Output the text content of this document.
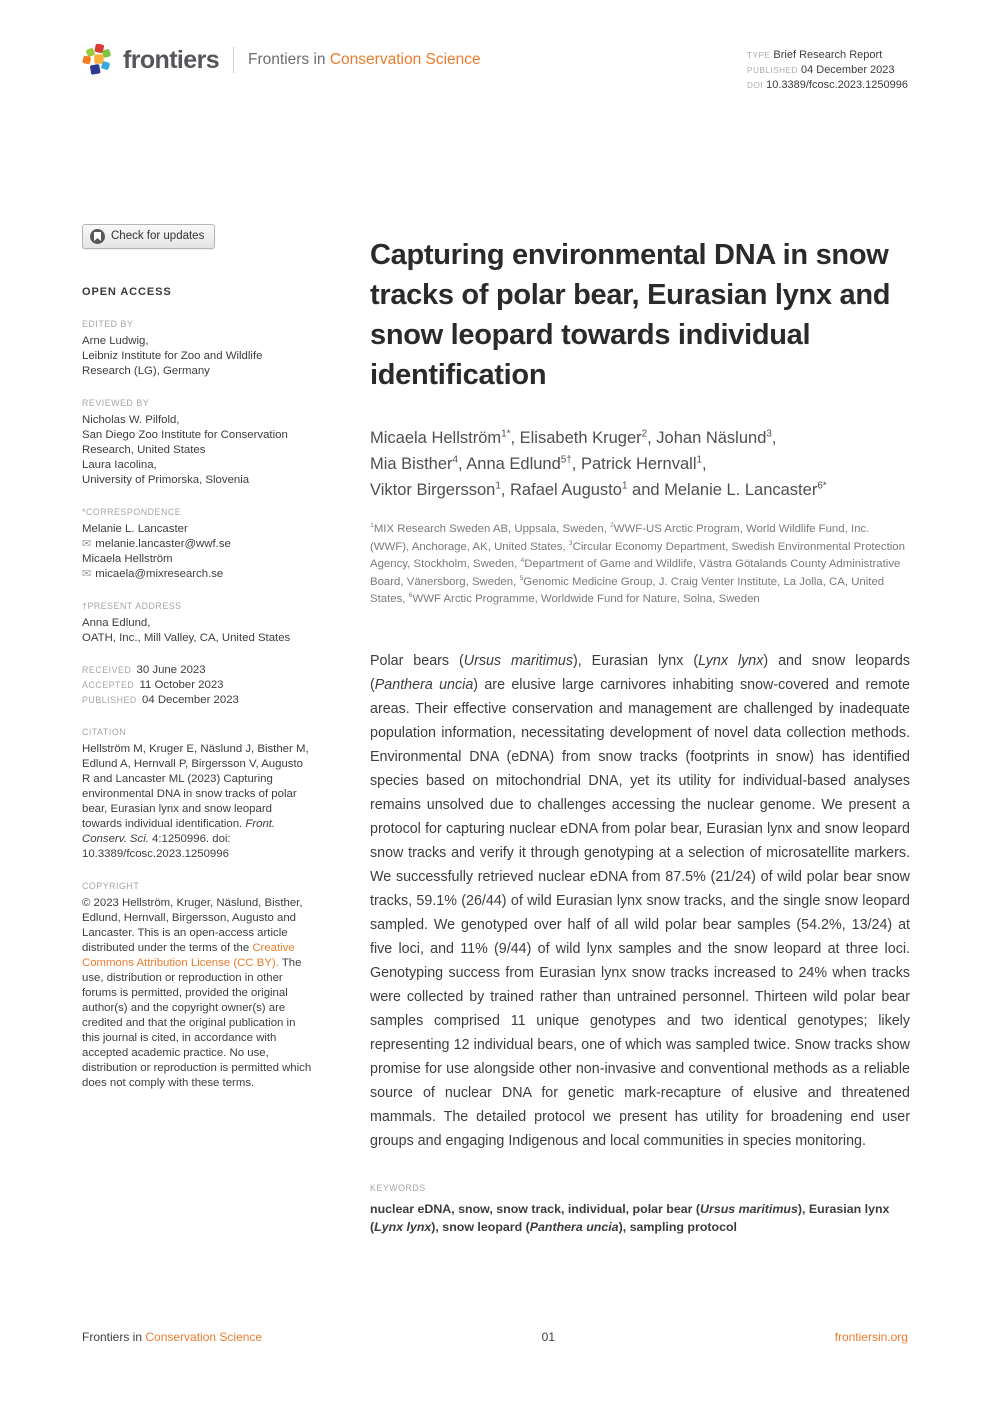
frontiers Frontiers in Conservation Science	TYPE Brief Research Report
PUBLISHED 04 December 2023
DOI 10.3389/fcosc.2023.1250996
Check for updates
OPEN ACCESS
EDITED BY
Arne Ludwig,
Leibniz Institute for Zoo and Wildlife Research (LG), Germany
REVIEWED BY
Nicholas W. Pilfold,
San Diego Zoo Institute for Conservation Research, United States
Laura Iacolina,
University of Primorska, Slovenia
*CORRESPONDENCE
Melanie L. Lancaster
✉ melanie.lancaster@wwf.se
Micaela Hellström
✉ micaela@mixresearch.se
†PRESENT ADDRESS
Anna Edlund,
OATH, Inc., Mill Valley, CA, United States
RECEIVED 30 June 2023
ACCEPTED 11 October 2023
PUBLISHED 04 December 2023
CITATION

Hellström M, Kruger E, Näslund J, Bisther M, Edlund A, Hernvall P, Birgersson V, Augusto R and Lancaster ML (2023) Capturing environmental DNA in snow tracks of polar bear, Eurasian lynx and snow leopard towards individual identification. Front. Conserv. Sci. 4:1250996. doi: 10.3389/fcosc.2023.1250996

COPYRIGHT

© 2023 Hellström, Kruger, Näslund, Bisther, Edlund, Hernvall, Birgersson, Augusto and Lancaster. This is an open-access article distributed under the terms of the Creative Commons Attribution License (CC BY). The use, distribution or reproduction in other forums is permitted, provided the original author(s) and the copyright owner(s) are credited and that the original publication in this journal is cited, in accordance with accepted academic practice. No use, distribution or reproduction is permitted which does not comply with these terms.

Capturing environmental DNA in snow tracks of polar bear, Eurasian lynx and snow leopard towards individual identification
Micaela Hellström$^{1*}$, Elisabeth Kruger$^2$, Johan Näslund$^3$,
Mia Bisther$^4$, Anna Edlund$^{5\dagger}$, Patrick Hernvall$^1$,
Viktor Birgersson$^1$, Rafael Augusto$^1$ and Melanie L. Lancaster$^{6*}$

$^1$MIX Research Sweden AB, Uppsala, Sweden, $^2$WWF-US Arctic Program, World Wildlife Fund, Inc. (WWF), Anchorage, AK, United States, $^3$Circular Economy Department, Swedish Environmental Protection Agency, Stockholm, Sweden, $^4$Department of Game and Wildlife, Västra Götalands County Administrative Board, Vänersborg, Sweden, $^5$Genomic Medicine Group, J. Craig Venter Institute, La Jolla, CA, United States, $^6$WWF Arctic Programme, Worldwide Fund for Nature, Solna, Sweden

Polar bears (Ursus maritimus), Eurasian lynx (Lynx lynx) and snow leopards (Panthera uncia) are elusive large carnivores inhabiting snow-covered and remote areas. Their effective conservation and management are challenged by inadequate population information, necessitating development of novel data collection methods. Environmental DNA (eDNA) from snow tracks (footprints in snow) has identified species based on mitochondrial DNA, yet its utility for individual-based analyses remains unsolved due to challenges accessing the nuclear genome. We present a protocol for capturing nuclear eDNA from polar bear, Eurasian lynx and snow leopard snow tracks and verify it through genotyping at a selection of microsatellite markers. We successfully retrieved nuclear eDNA from 87.5% (21/24) of wild polar bear snow tracks, 59.1% (26/44) of wild Eurasian lynx snow tracks, and the single snow leopard sampled. We genotyped over half of all wild polar bear samples (54.2%, 13/24) at five loci, and 11% (9/44) of wild lynx samples and the snow leopard at three loci. Genotyping success from Eurasian lynx snow tracks increased to 24% when tracks were collected by trained rather than untrained personnel. Thirteen wild polar bear samples comprised 11 unique genotypes and two identical genotypes; likely representing 12 individual bears, one of which was sampled twice. Snow tracks show promise for use alongside other non-invasive and conventional methods as a reliable source of nuclear DNA for genetic mark-recapture of elusive and threatened mammals. The detailed protocol we present has utility for broadening end user groups and engaging Indigenous and local communities in species monitoring.

KEYWORDS

nuclear eDNA, snow, snow track, individual, polar bear (Ursus maritimus), Eurasian lynx (Lynx lynx), snow leopard (Panthera uncia), sampling protocol

Frontiers in Conservation Science	01	frontiersin.org
